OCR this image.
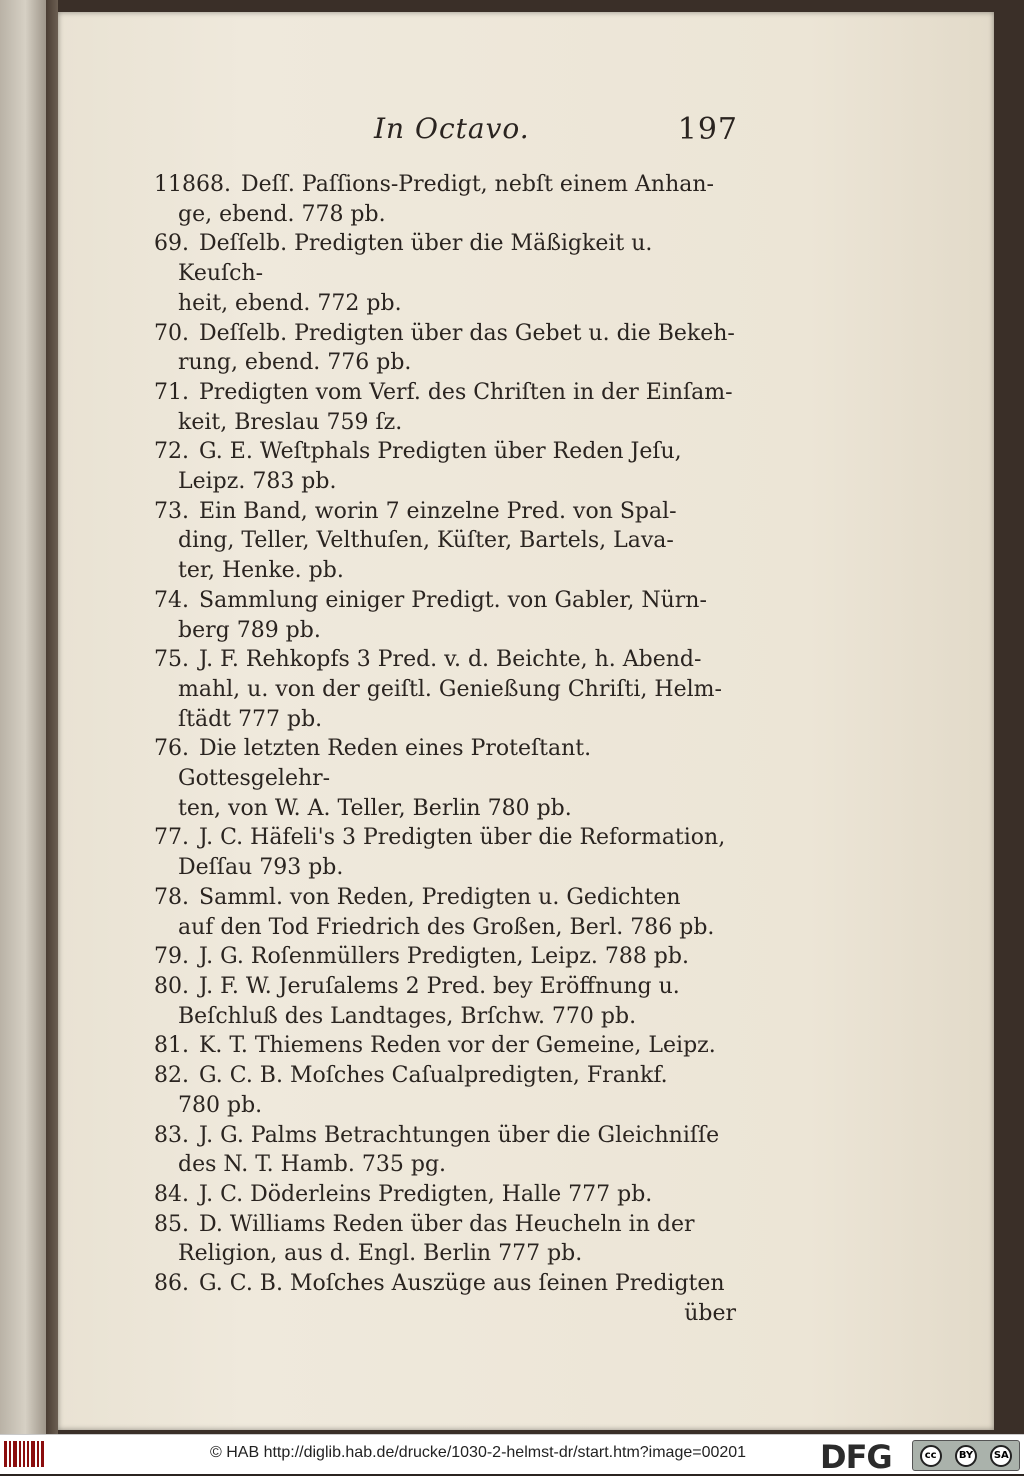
In Octavo.	197
11868. Deſſ. Paſſions-Predigt, nebſt einem Anhan-
ge, ebend. 778 pb.
69. Deſſelb. Predigten über die Mäßigkeit u. Keuſch-
heit, ebend. 772 pb.
70. Deſſelb. Predigten über das Gebet u. die Bekeh-
rung, ebend. 776 pb.
71. Predigten vom Verf. des Chriſten in der Einſam-
keit, Breslau 759 ſz.
72. G. E. Weſtphals Predigten über Reden Jeſu,
Leipz. 783 pb.
73. Ein Band, worin 7 einzelne Pred. von Spal-
ding, Teller, Velthuſen, Küſter, Bartels, Lava-
ter, Henke. pb.
74. Sammlung einiger Predigt. von Gabler, Nürn-
berg 789 pb.
75. J. F. Rehkopfs 3 Pred. v. d. Beichte, h. Abend-
mahl, u. von der geiſtl. Genießung Chriſti, Helm-
ſtädt 777 pb.
76. Die letzten Reden eines Proteſtant. Gottesgelehr-
ten, von W. A. Teller, Berlin 780 pb.
77. J. C. Häfeli's 3 Predigten über die Reformation,
Deſſau 793 pb.
78. Samml. von Reden, Predigten u. Gedichten
auf den Tod Friedrich des Großen, Berl. 786 pb.
79. J. G. Roſenmüllers Predigten, Leipz. 788 pb.
80. J. F. W. Jeruſalems 2 Pred. bey Eröffnung u.
Beſchluß des Landtages, Brſchw. 770 pb.
81. K. T. Thiemens Reden vor der Gemeine, Leipz.
82. G. C. B. Moſches Caſualpredigten, Frankf.
780 pb.
83. J. G. Palms Betrachtungen über die Gleichniſſe
des N. T. Hamb. 735 pg.
84. J. C. Döderleins Predigten, Halle 777 pb.
85. D. Williams Reden über das Heucheln in der
Religion, aus d. Engl. Berlin 777 pb.
86. G. C. B. Moſches Auszüge aus ſeinen Predigten
über
© HAB http://diglib.hab.de/drucke/1030-2-helmst-dr/start.htm?image=00201 DFG	cc	BY	SA
